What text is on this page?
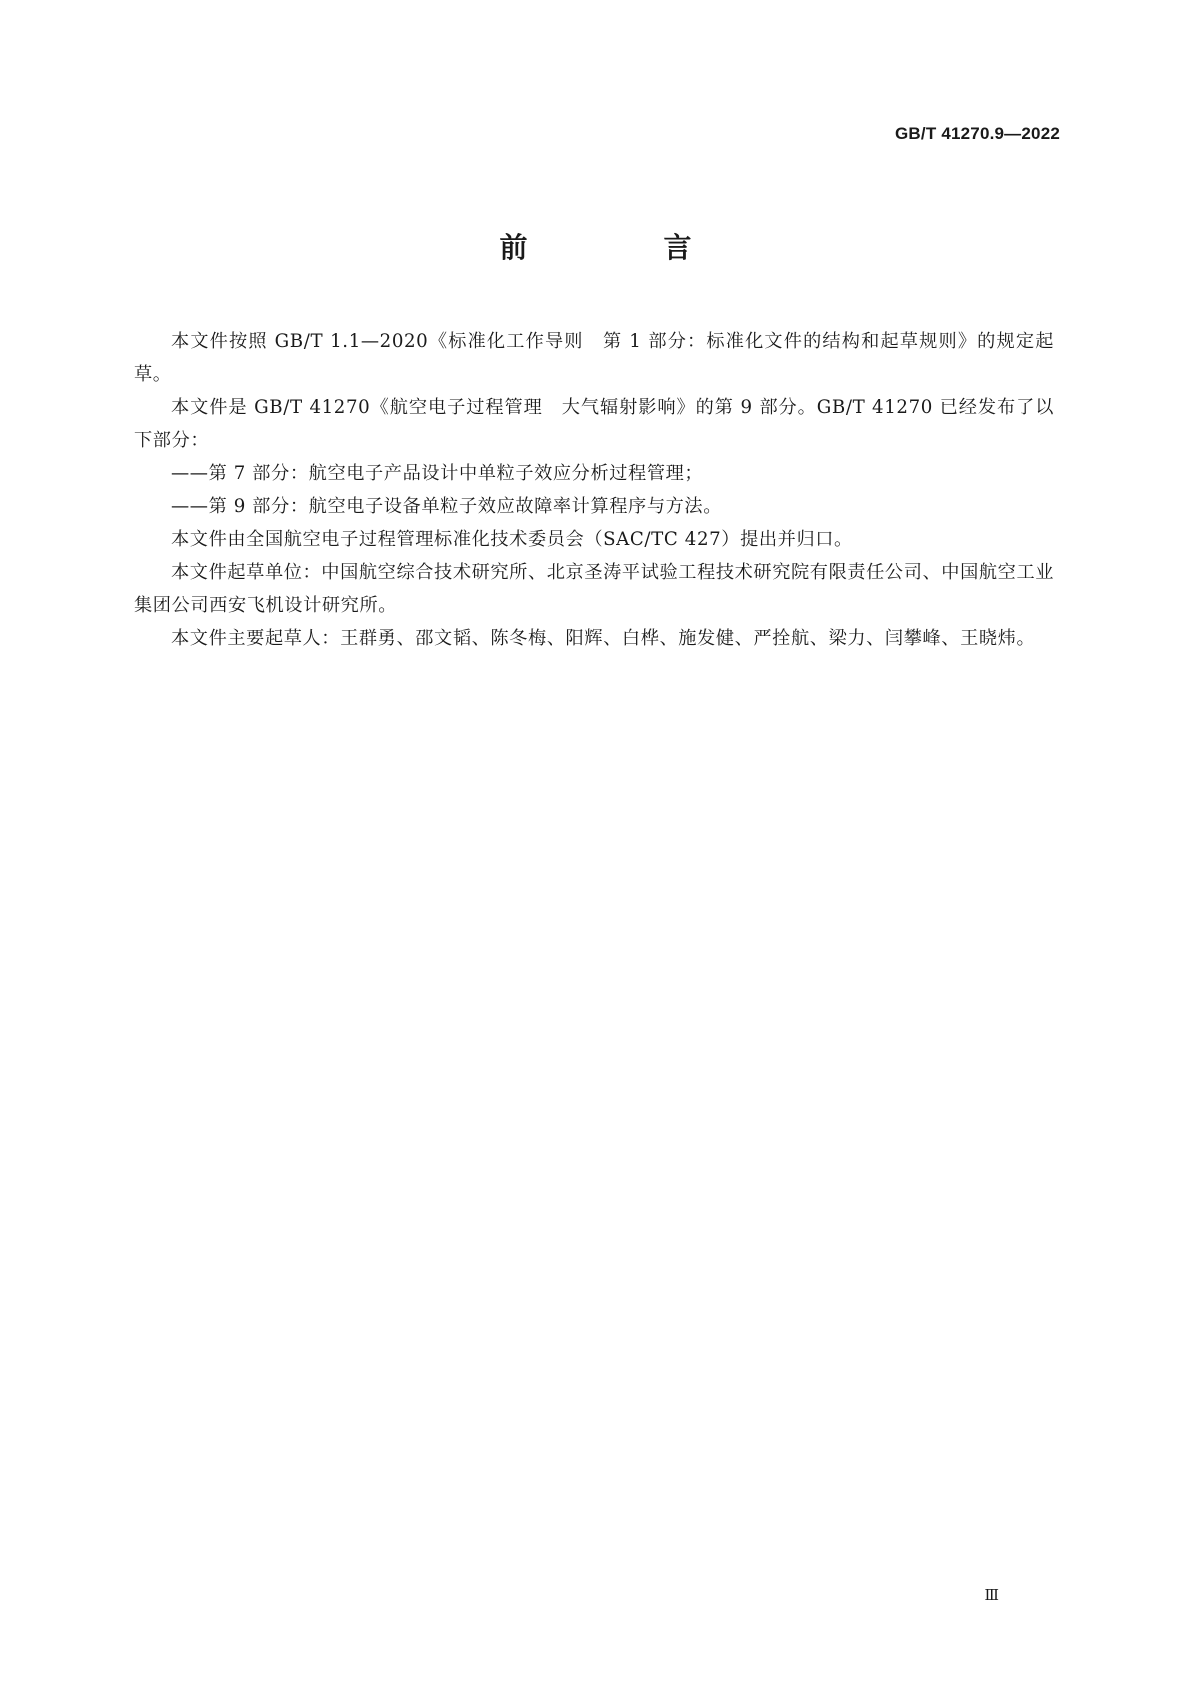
GB/T 41270.9—2022
前　言

本文件按照 GB/T 1.1—2020《标准化工作导则　第 1 部分：标准化文件的结构和起草规则》的规定起草。

本文件是 GB/T 41270《航空电子过程管理　大气辐射影响》的第 9 部分。GB/T 41270 已经发布了以下部分：

——第 7 部分：航空电子产品设计中单粒子效应分析过程管理；

——第 9 部分：航空电子设备单粒子效应故障率计算程序与方法。

本文件由全国航空电子过程管理标准化技术委员会（SAC/TC 427）提出并归口。

本文件起草单位：中国航空综合技术研究所、北京圣涛平试验工程技术研究院有限责任公司、中国航空工业集团公司西安飞机设计研究所。

本文件主要起草人：王群勇、邵文韬、陈冬梅、阳辉、白桦、施发健、严拴航、梁力、闫攀峰、王晓炜。

Ⅲ
